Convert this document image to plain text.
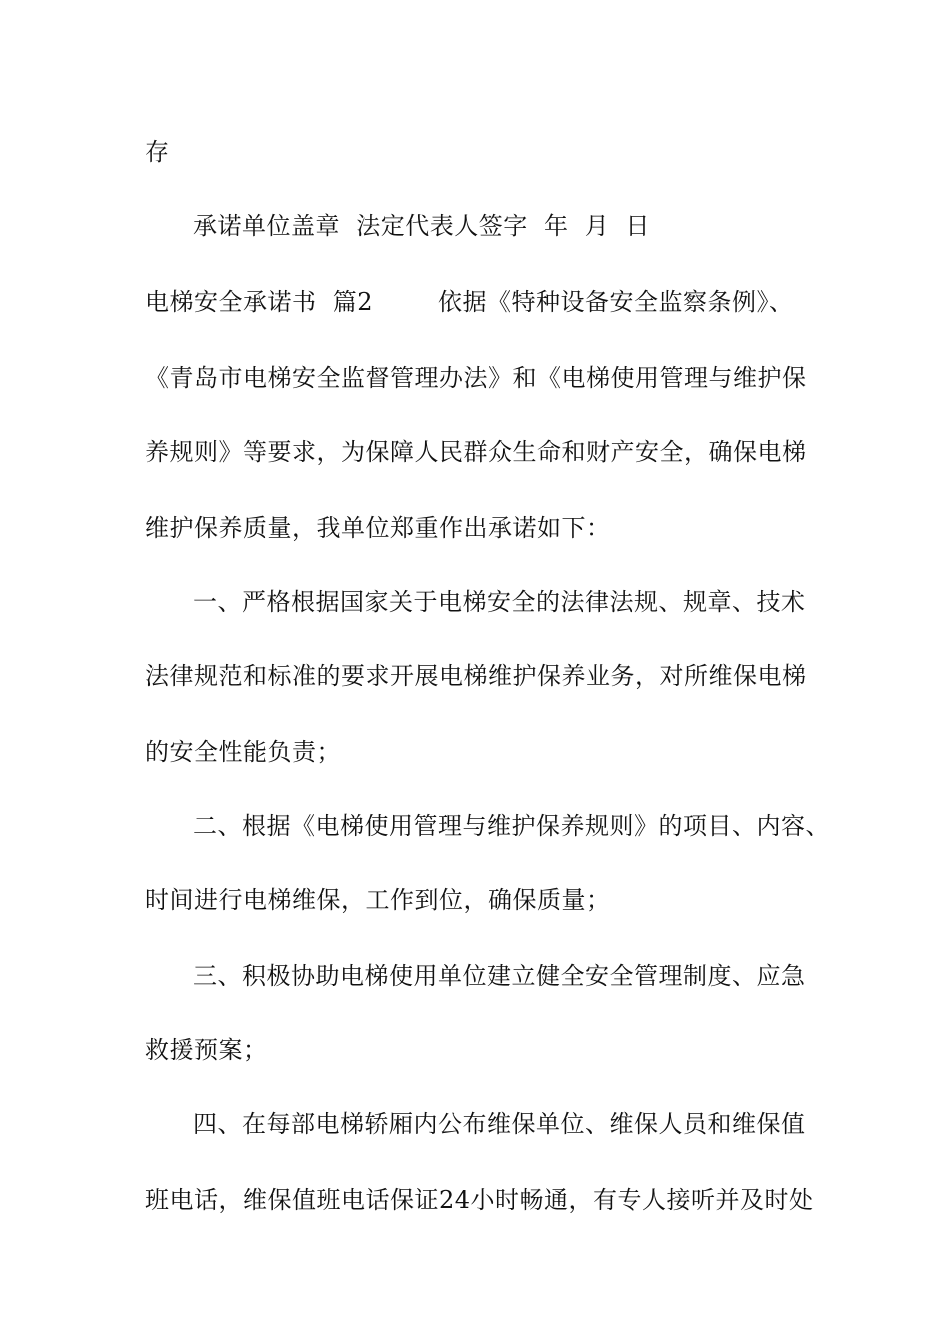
存
承诺单位盖章  法定代表人签字  年  月  日
电梯安全承诺书  篇2        依据《特种设备安全监察条例》、
《青岛市电梯安全监督管理办法》和《电梯使用管理与维护保
养规则》等要求，为保障人民群众生命和财产安全，确保电梯
维护保养质量，我单位郑重作出承诺如下：
一、严格根据国家关于电梯安全的法律法规、规章、技术
法律规范和标准的要求开展电梯维护保养业务，对所维保电梯
的安全性能负责；
二、根据《电梯使用管理与维护保养规则》的项目、内容、
时间进行电梯维保，工作到位，确保质量；
三、积极协助电梯使用单位建立健全安全管理制度、应急
救援预案；
四、在每部电梯轿厢内公布维保单位、维保人员和维保值
班电话，维保值班电话保证24小时畅通，有专人接听并及时处
